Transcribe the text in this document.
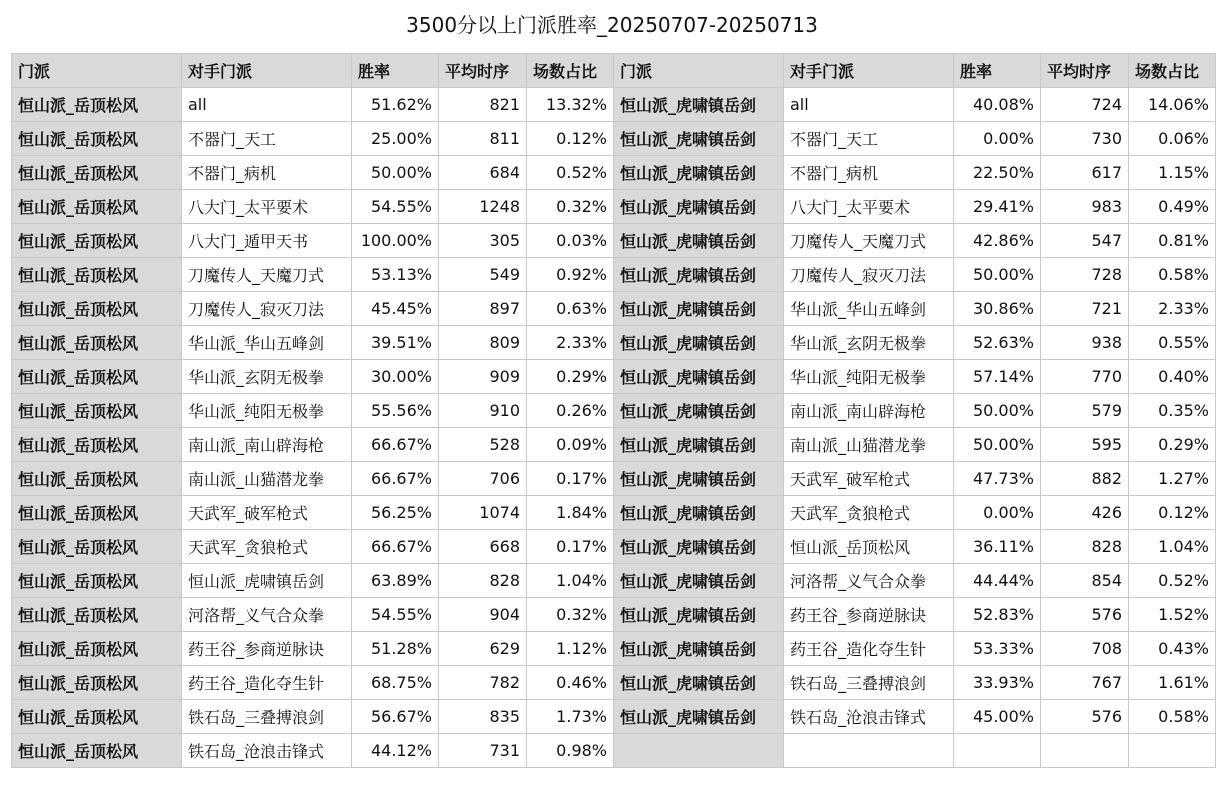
3500分以上门派胜率_20250707-20250713
门派	对手门派	胜率	平均时序	场数占比	门派	对手门派	胜率	平均时序	场数占比
恒山派_岳顶松风	all	51.62%	821	13.32%	恒山派_虎啸镇岳剑	all	40.08%	724	14.06%
恒山派_岳顶松风	不器门_天工	25.00%	811	0.12%	恒山派_虎啸镇岳剑	不器门_天工	0.00%	730	0.06%
恒山派_岳顶松风	不器门_病机	50.00%	684	0.52%	恒山派_虎啸镇岳剑	不器门_病机	22.50%	617	1.15%
恒山派_岳顶松风	八大门_太平要术	54.55%	1248	0.32%	恒山派_虎啸镇岳剑	八大门_太平要术	29.41%	983	0.49%
恒山派_岳顶松风	八大门_遁甲天书	100.00%	305	0.03%	恒山派_虎啸镇岳剑	刀魔传人_天魔刀式	42.86%	547	0.81%
恒山派_岳顶松风	刀魔传人_天魔刀式	53.13%	549	0.92%	恒山派_虎啸镇岳剑	刀魔传人_寂灭刀法	50.00%	728	0.58%
恒山派_岳顶松风	刀魔传人_寂灭刀法	45.45%	897	0.63%	恒山派_虎啸镇岳剑	华山派_华山五峰剑	30.86%	721	2.33%
恒山派_岳顶松风	华山派_华山五峰剑	39.51%	809	2.33%	恒山派_虎啸镇岳剑	华山派_玄阴无极拳	52.63%	938	0.55%
恒山派_岳顶松风	华山派_玄阴无极拳	30.00%	909	0.29%	恒山派_虎啸镇岳剑	华山派_纯阳无极拳	57.14%	770	0.40%
恒山派_岳顶松风	华山派_纯阳无极拳	55.56%	910	0.26%	恒山派_虎啸镇岳剑	南山派_南山辟海枪	50.00%	579	0.35%
恒山派_岳顶松风	南山派_南山辟海枪	66.67%	528	0.09%	恒山派_虎啸镇岳剑	南山派_山猫潜龙拳	50.00%	595	0.29%
恒山派_岳顶松风	南山派_山猫潜龙拳	66.67%	706	0.17%	恒山派_虎啸镇岳剑	天武军_破军枪式	47.73%	882	1.27%
恒山派_岳顶松风	天武军_破军枪式	56.25%	1074	1.84%	恒山派_虎啸镇岳剑	天武军_贪狼枪式	0.00%	426	0.12%
恒山派_岳顶松风	天武军_贪狼枪式	66.67%	668	0.17%	恒山派_虎啸镇岳剑	恒山派_岳顶松风	36.11%	828	1.04%
恒山派_岳顶松风	恒山派_虎啸镇岳剑	63.89%	828	1.04%	恒山派_虎啸镇岳剑	河洛帮_义气合众拳	44.44%	854	0.52%
恒山派_岳顶松风	河洛帮_义气合众拳	54.55%	904	0.32%	恒山派_虎啸镇岳剑	药王谷_参商逆脉诀	52.83%	576	1.52%
恒山派_岳顶松风	药王谷_参商逆脉诀	51.28%	629	1.12%	恒山派_虎啸镇岳剑	药王谷_造化夺生针	53.33%	708	0.43%
恒山派_岳顶松风	药王谷_造化夺生针	68.75%	782	0.46%	恒山派_虎啸镇岳剑	铁石岛_三叠搏浪剑	33.93%	767	1.61%
恒山派_岳顶松风	铁石岛_三叠搏浪剑	56.67%	835	1.73%	恒山派_虎啸镇岳剑	铁石岛_沧浪击锋式	45.00%	576	0.58%
恒山派_岳顶松风	铁石岛_沧浪击锋式	44.12%	731	0.98%					
